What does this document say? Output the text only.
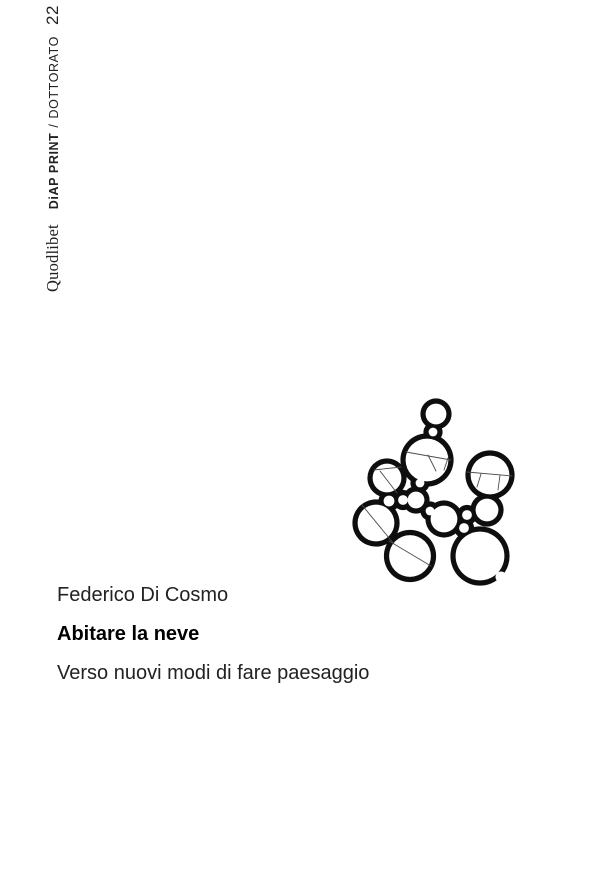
QuodlibetDiAP PRINT/DOTTORATO22
Federico Di Cosmo
Abitare la neve
Verso nuovi modi di fare paesaggio
